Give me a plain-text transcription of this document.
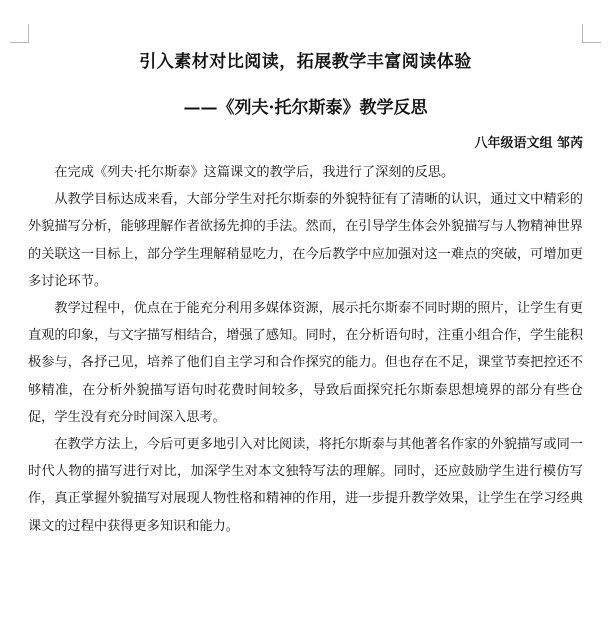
引入素材对比阅读，拓展教学丰富阅读体验
——《列夫·托尔斯泰》教学反思
八年级语文组 邹芮

在完成《列夫·托尔斯泰》这篇课文的教学后，我进行了深刻的反思。

从教学目标达成来看，大部分学生对托尔斯泰的外貌特征有了清晰的认识，通过文中精彩的外貌描写分析，能够理解作者欲扬先抑的手法。然而，在引导学生体会外貌描写与人物精神世界的关联这一目标上，部分学生理解稍显吃力，在今后教学中应加强对这一难点的突破，可增加更多讨论环节。

教学过程中，优点在于能充分利用多媒体资源，展示托尔斯泰不同时期的照片，让学生有更直观的印象，与文字描写相结合，增强了感知。同时，在分析语句时，注重小组合作，学生能积极参与，各抒己见，培养了他们自主学习和合作探究的能力。但也存在不足，课堂节奏把控还不够精准，在分析外貌描写语句时花费时间较多，导致后面探究托尔斯泰思想境界的部分有些仓促，学生没有充分时间深入思考。

在教学方法上，今后可更多地引入对比阅读，将托尔斯泰与其他著名作家的外貌描写或同一时代人物的描写进行对比，加深学生对本文独特写法的理解。同时，还应鼓励学生进行模仿写作，真正掌握外貌描写对展现人物性格和精神的作用，进一步提升教学效果，让学生在学习经典课文的过程中获得更多知识和能力。
